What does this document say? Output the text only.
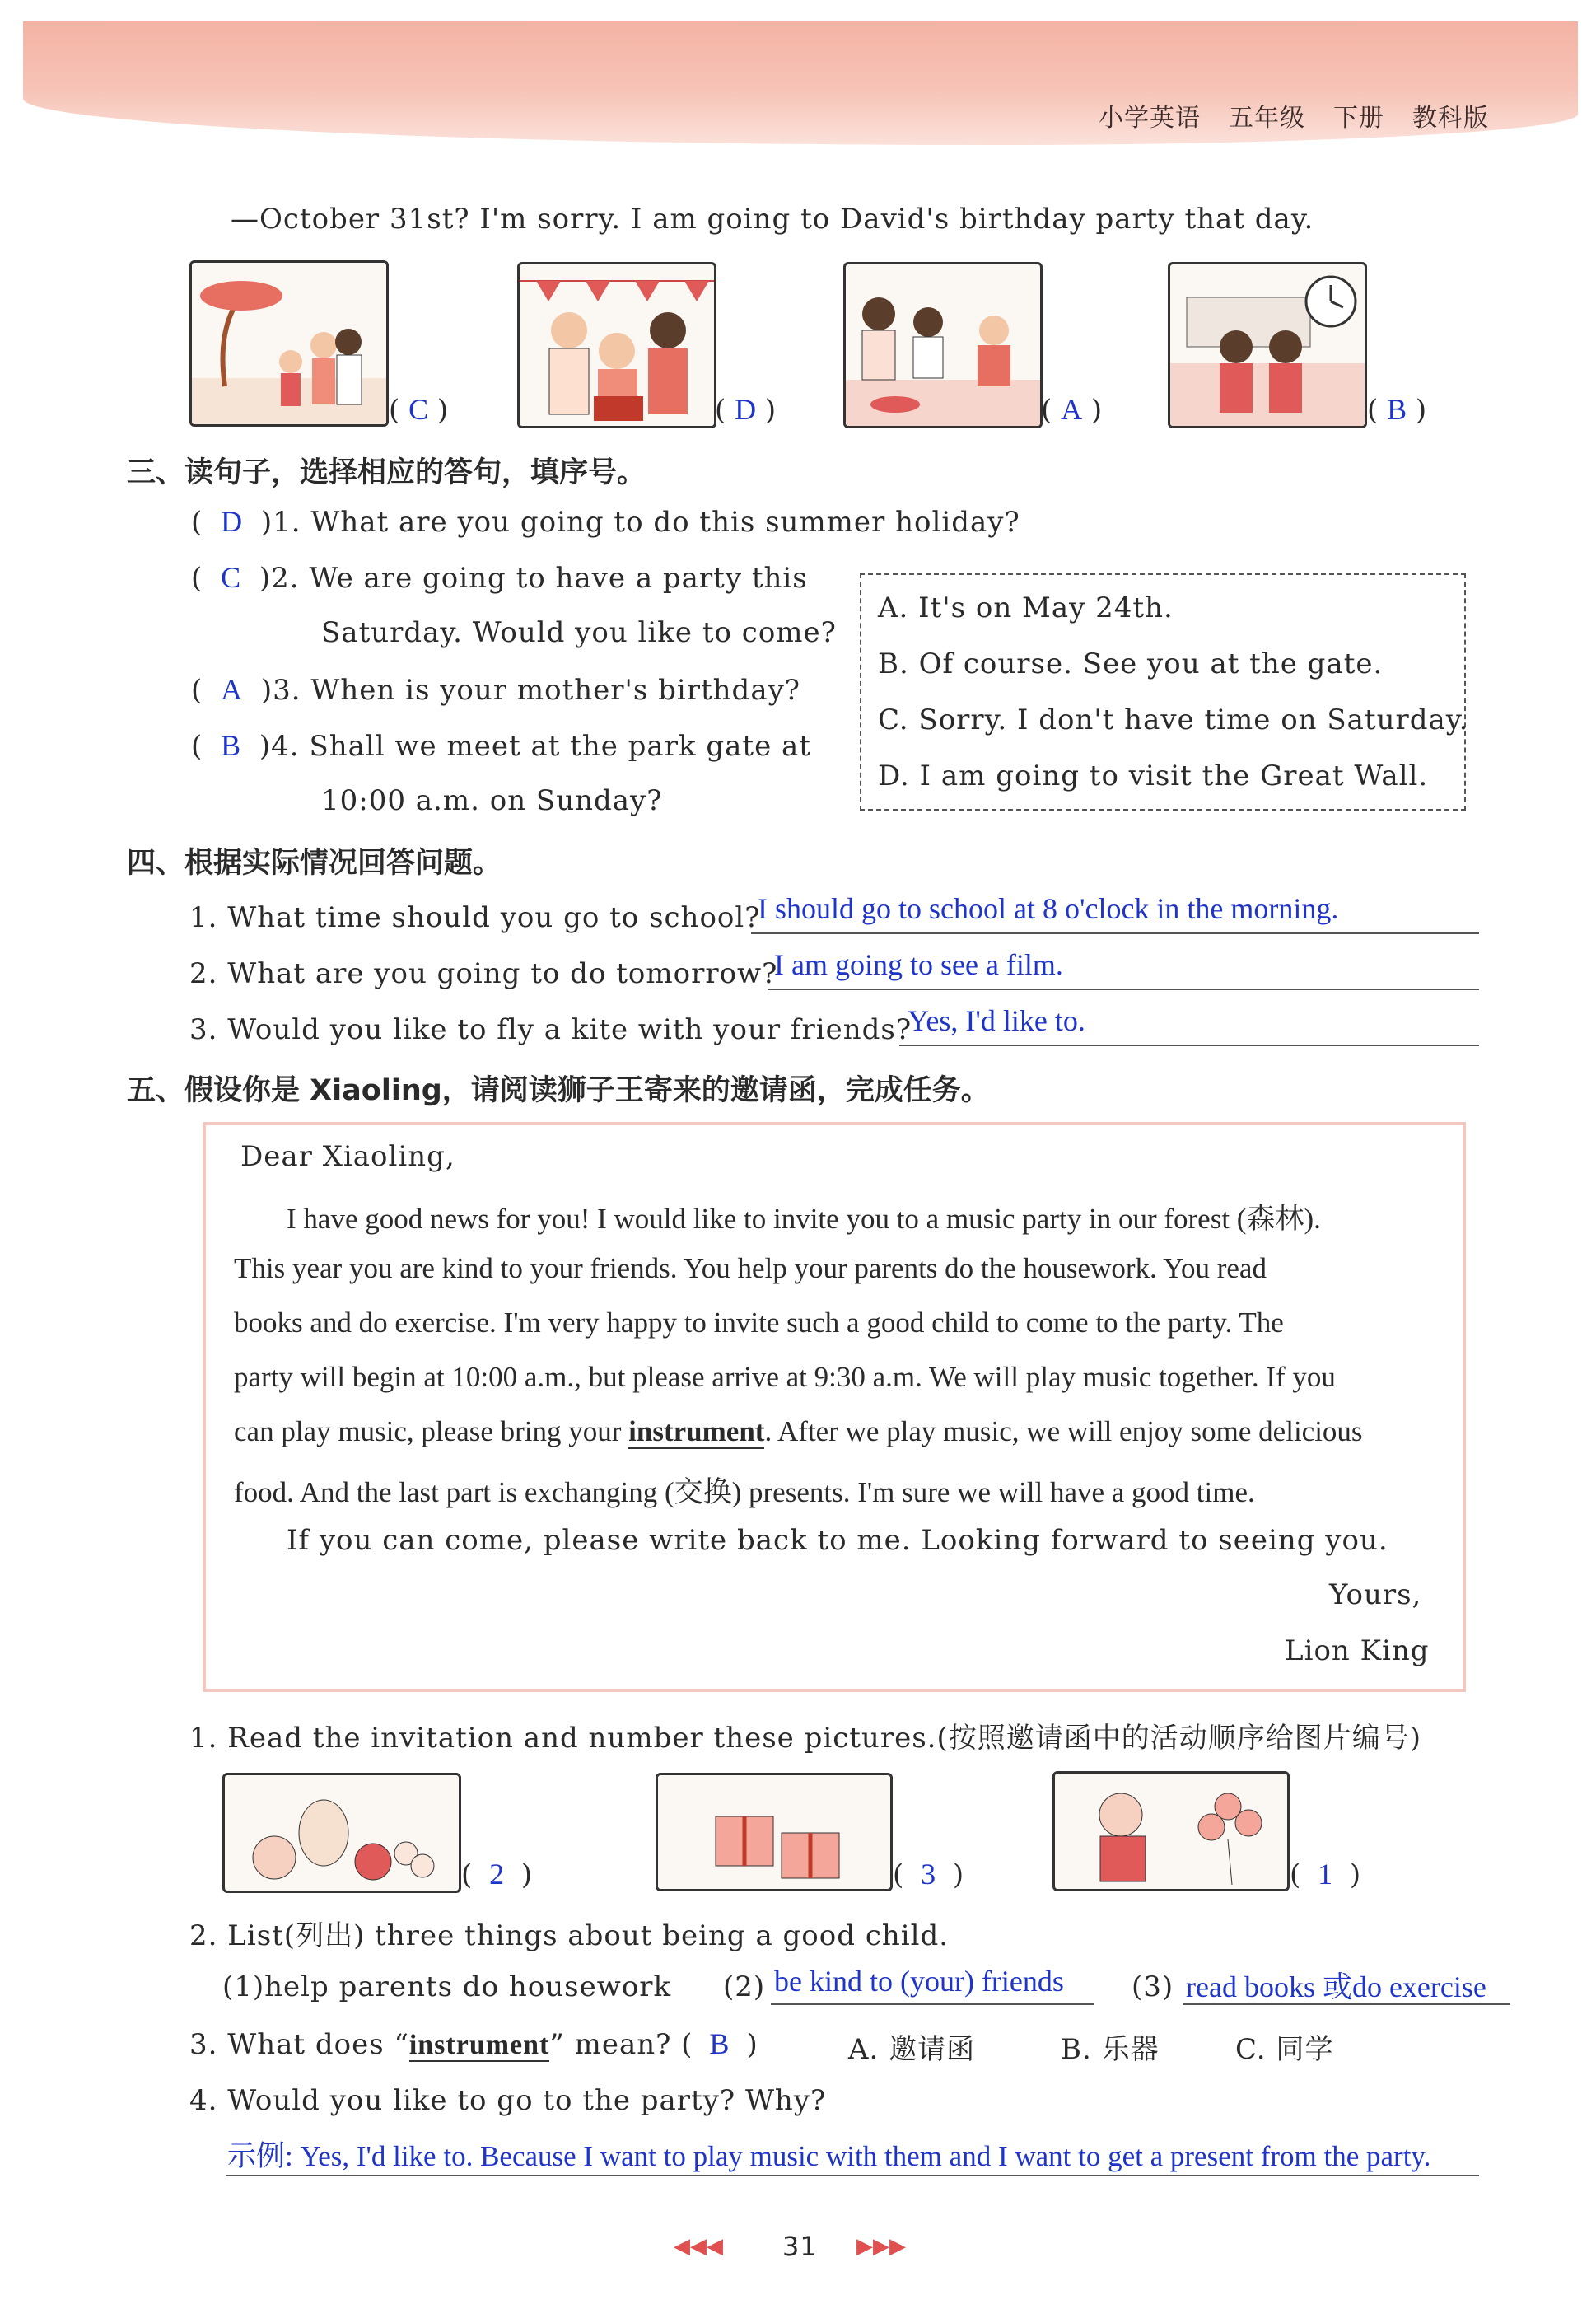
小学英语 五年级 下册 教科版
—October 31st? I'm sorry. I am going to David's birthday party that day.
( C )	( D )	( A )	( B )
三、读句子，选择相应的答句，填序号。
( D )1. What are you going to do this summer holiday?
( C )2. We are going to have a party this
Saturday. Would you like to come?
( A )3. When is your mother's birthday?
( B )4. Shall we meet at the park gate at
10:00 a.m. on Sunday?
A. It's on May 24th.
B. Of course. See you at the gate.
C. Sorry. I don't have time on Saturday.
D. I am going to visit the Great Wall.
四、根据实际情况回答问题。
1. What time should you go to school?
I should go to school at 8 o'clock in the morning.
2. What are you going to do tomorrow?
I am going to see a film.
3. Would you like to fly a kite with your friends?
Yes, I'd like to.
五、假设你是 Xiaoling，请阅读狮子王寄来的邀请函，完成任务。
Dear Xiaoling,
I have good news for you! I would like to invite you to a music party in our forest (森林).
This year you are kind to your friends. You help your parents do the housework. You read
books and do exercise. I'm very happy to invite such a good child to come to the party. The
party will begin at 10:00 a.m., but please arrive at 9:30 a.m. We will play music together. If you
can play music, please bring your instrument. After we play music, we will enjoy some delicious
food. And the last part is exchanging (交换) presents. I'm sure we will have a good time.
If you can come, please write back to me. Looking forward to seeing you.
Yours,
Lion King
1. Read the invitation and number these pictures.(按照邀请函中的活动顺序给图片编号)
( 2 )	( 3 )	( 1 )
2. List(列出) three things about being a good child.
(1)help parents do housework (2) be kind to (your) friends (3) read books 或do exercise
3. What does “instrument” mean? ( B )	A. 邀请函	B. 乐器	C. 同学
4. Would you like to go to the party? Why?
示例: Yes, I'd like to. Because I want to play music with them and I want to get a present from the party.
◀◀◀ 31 ▶▶▶
